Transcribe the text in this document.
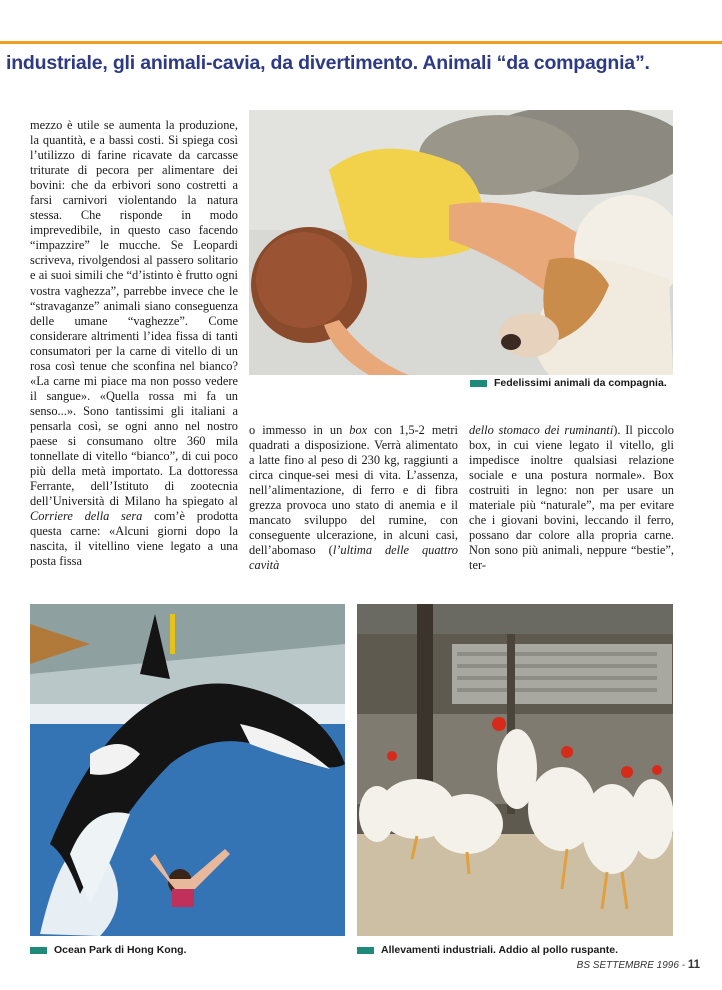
industriale, gli animali-cavia, da divertimento. Animali “da compagnia”.
Fedelissimi animali da compagnia.

mezzo è utile se aumenta la produzione, la quantità, e a bassi costi. Si spiega così l’utilizzo di farine ricavate da carcasse triturate di pecora per alimentare dei bovini: che da erbivori sono costretti a farsi carnivori violentando la natura stessa. Che risponde in modo imprevedibile, in questo caso facendo “impazzire” le mucche. Se Leopardi scriveva, rivolgendosi al passero solitario e ai suoi simili che “d’istinto è frutto ogni vostra vaghezza”, parrebbe invece che le “stravaganze” animali siano conseguenza delle umane “vaghezze”. Come considerare altrimenti l’idea fissa di tanti consumatori per la carne di vitello di un rosa così tenue che sconfina nel bianco? «La carne mi piace ma non posso vedere il sangue». «Quella rossa mi fa un senso...». Sono tantissimi gli italiani a pensarla così, se ogni anno nel nostro paese si consumano oltre 360 mila tonnellate di vitello “bianco”, di cui poco più della metà importato. La dottoressa Ferrante, dell’Istituto di zootecnia dell’Università di Milano ha spiegato al Corriere della sera com’è prodotta questa carne: «Alcuni giorni dopo la nascita, il vitellino viene legato a una posta fissa

o immesso in un box con 1,5-2 metri quadrati a disposizione. Verrà alimentato a latte fino al peso di 230 kg, raggiunti a circa cinque-sei mesi di vita. L’assenza, nell’alimentazione, di ferro e di fibra grezza provoca uno stato di anemia e il mancato sviluppo del rumine, con conseguente ulcerazione, in alcuni casi, dell’abomaso (l’ultima delle quattro cavità

dello stomaco dei ruminanti). Il piccolo box, in cui viene legato il vitello, gli impedisce inoltre qualsiasi relazione sociale e una postura normale». Box costruiti in legno: non per usare un materiale più “naturale”, ma per evitare che i giovani bovini, leccando il ferro, possano dar colore alla propria carne. Non sono più animali, neppure “bestie”, ter-

Ocean Park di Hong Kong.	Allevamenti industriali. Addio al pollo ruspante.
BS SETTEMBRE 1996 - 11
